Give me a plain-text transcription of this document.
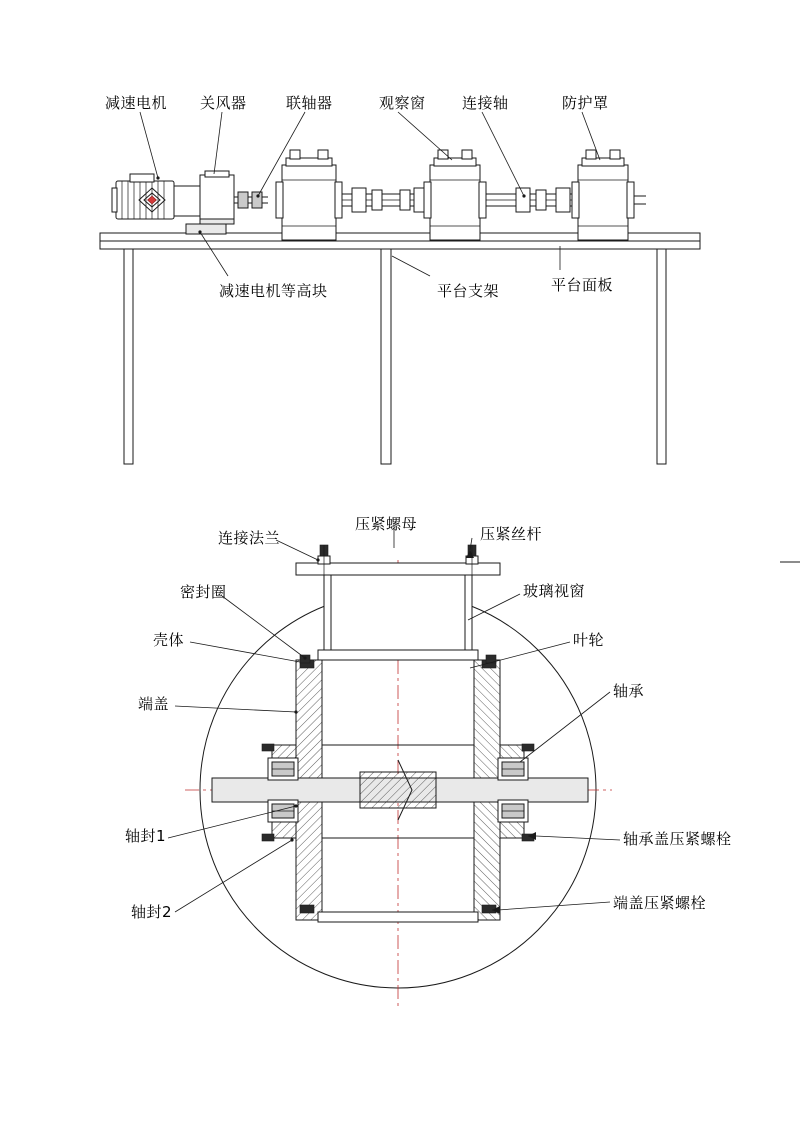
减速电机 关风器	联轴器	观察窗 连接轴	防护罩
减速电机等高块	平台支架	平台面板
连接法兰
压紧螺母
压紧丝杆
密封圈	玻璃视窗
壳体	叶轮
端盖
轴承
轴封1	轴承盖压紧螺栓
轴封2	端盖压紧螺栓
